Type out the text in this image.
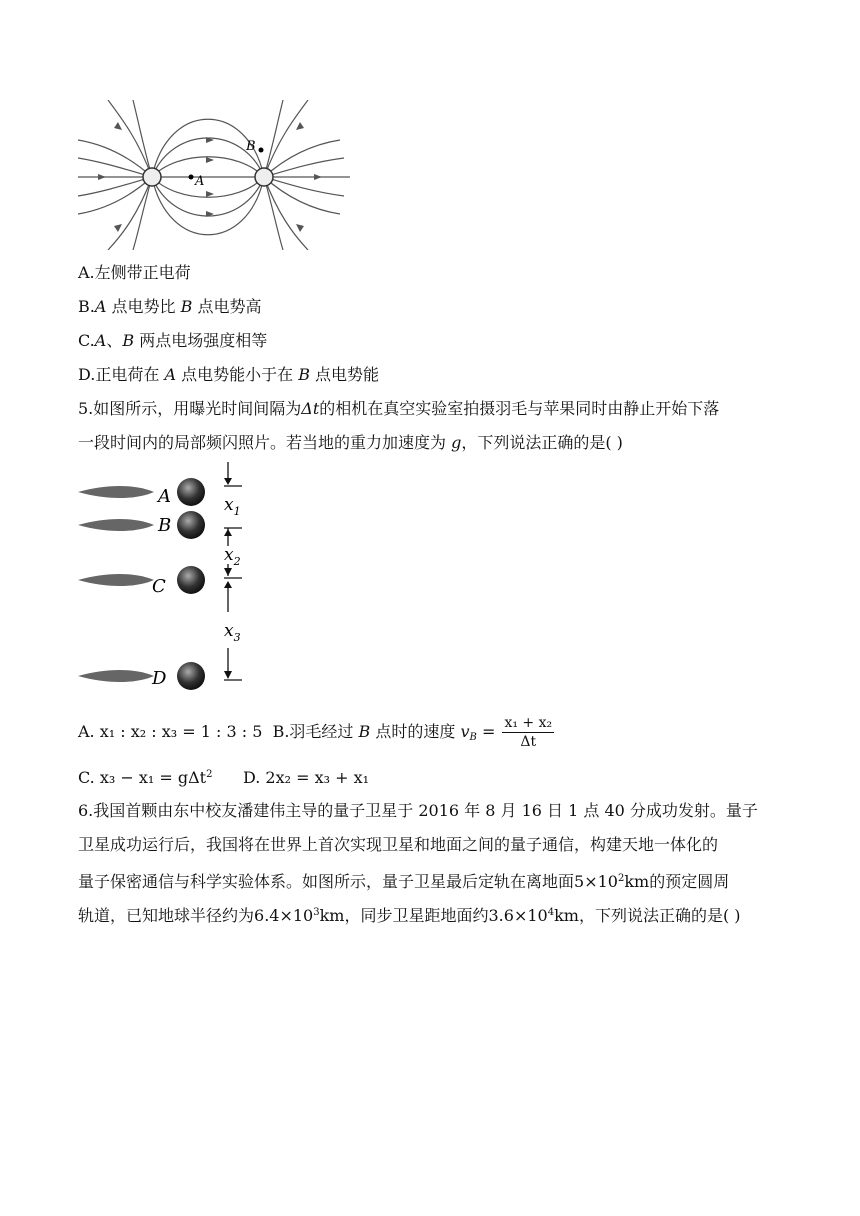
A
B
A.左侧带正电荷
B.A 点电势比 B 点电势高
C.A、B 两点电场强度相等
D.正电荷在 A 点电势能小于在 B 点电势能
5.如图所示，用曝光时间间隔为Δt的相机在真空实验室拍摄羽毛与苹果同时由静止开始下落
一段时间内的局部频闪照片。若当地的重力加速度为 g，下列说法正确的是( )
A
B
C
D
$x_1$
$x_2$
$x_3$
A. x₁ : x₂ : x₃ = 1 : 3 : 5 B.羽毛经过 B 点时的速度 $v_B = \frac{\text{x₁ + x₂}}{\Delta t}$
C. x₃ − x₁ = gΔt$^2$ D. 2x₂ = x₃ + x₁
6.我国首颗由东中校友潘建伟主导的量子卫星于 2016 年 8 月 16 日 1 点 40 分成功发射。量子
卫星成功运行后，我国将在世界上首次实现卫星和地面之间的量子通信，构建天地一体化的
量子保密通信与科学实验体系。如图所示，量子卫星最后定轨在离地面$5\times 10^2km$的预定圆周
轨道，已知地球半径约为$6.4\times 10^3km$，同步卫星距地面约$3.6\times 10^4km$，下列说法正确的是( )
